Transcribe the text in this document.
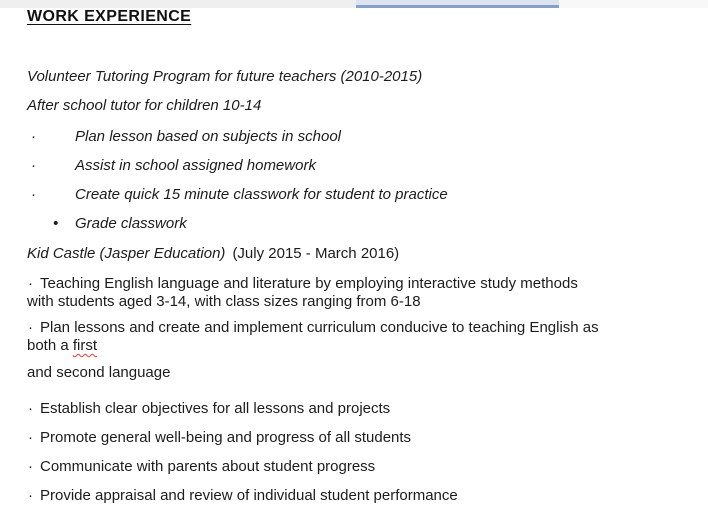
WORK EXPERIENCE
Volunteer Tutoring Program for future teachers (2010-2015)
After school tutor for children 10-14
·	Plan lesson based on subjects in school
·	Assist in school assigned homework
·	Create quick 15 minute classwork for student to practice
• Grade classwork
Kid Castle (Jasper Education) (July 2015 - March 2016)
· Teaching English language and literature by employing interactive study methods
with students aged 3-14, with class sizes ranging from 6-18
· Plan lessons and create and implement curriculum conducive to teaching English as
both a first
and second language
· Establish clear objectives for all lessons and projects
· Promote general well-being and progress of all students
· Communicate with parents about student progress
· Provide appraisal and review of individual student performance
